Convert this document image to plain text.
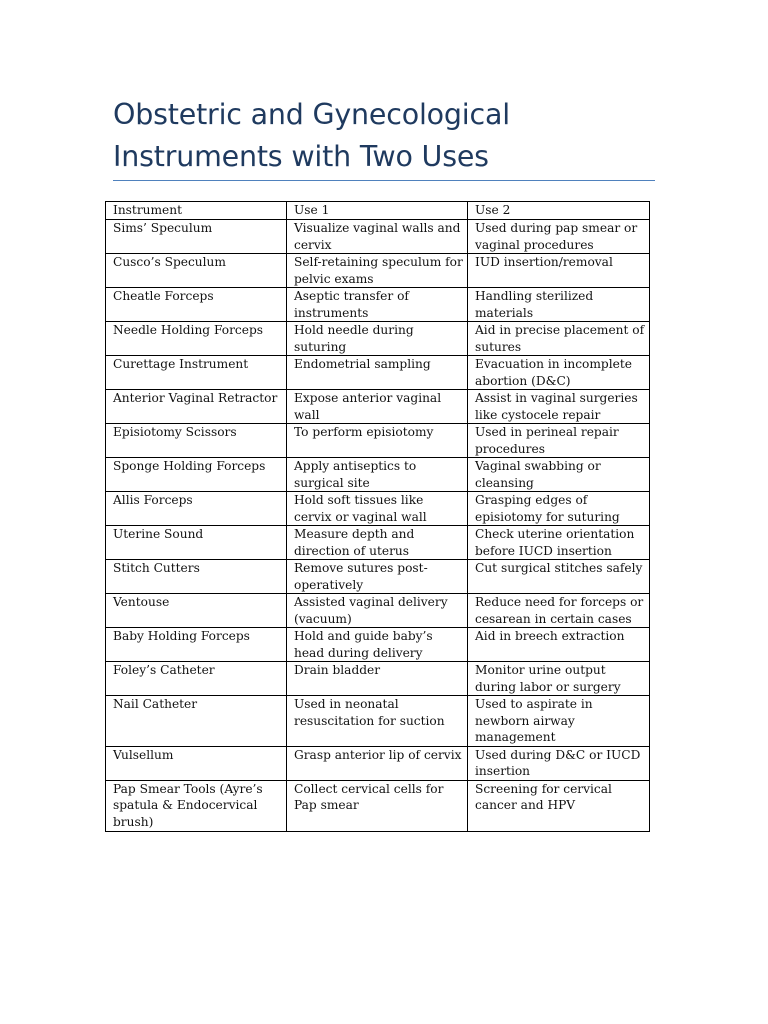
Obstetric and Gynecological
Instruments with Two Uses
Instrument	Use 1	Use 2
Sims’ Speculum	Visualize vaginal walls and cervix	Used during pap smear or vaginal procedures
Cusco’s Speculum	Self-retaining speculum for pelvic exams	IUD insertion/removal
Cheatle Forceps	Aseptic transfer of instruments	Handling sterilized materials
Needle Holding Forceps	Hold needle during suturing	Aid in precise placement of sutures
Curettage Instrument	Endometrial sampling	Evacuation in incomplete abortion (D&C)
Anterior Vaginal Retractor	Expose anterior vaginal wall	Assist in vaginal surgeries like cystocele repair
Episiotomy Scissors	To perform episiotomy	Used in perineal repair procedures
Sponge Holding Forceps	Apply antiseptics to surgical site	Vaginal swabbing or cleansing
Allis Forceps	Hold soft tissues like cervix or vaginal wall	Grasping edges of episiotomy for suturing
Uterine Sound	Measure depth and direction of uterus	Check uterine orientation before IUCD insertion
Stitch Cutters	Remove sutures post-operatively	Cut surgical stitches safely
Ventouse	Assisted vaginal delivery (vacuum)	Reduce need for forceps or cesarean in certain cases
Baby Holding Forceps	Hold and guide baby’s head during delivery	Aid in breech extraction
Foley’s Catheter	Drain bladder	Monitor urine output during labor or surgery
Nail Catheter	Used in neonatal resuscitation for suction	Used to aspirate in newborn airway management
Vulsellum	Grasp anterior lip of cervix	Used during D&C or IUCD insertion
Pap Smear Tools (Ayre’s spatula & Endocervical brush)	Collect cervical cells for Pap smear	Screening for cervical cancer and HPV
